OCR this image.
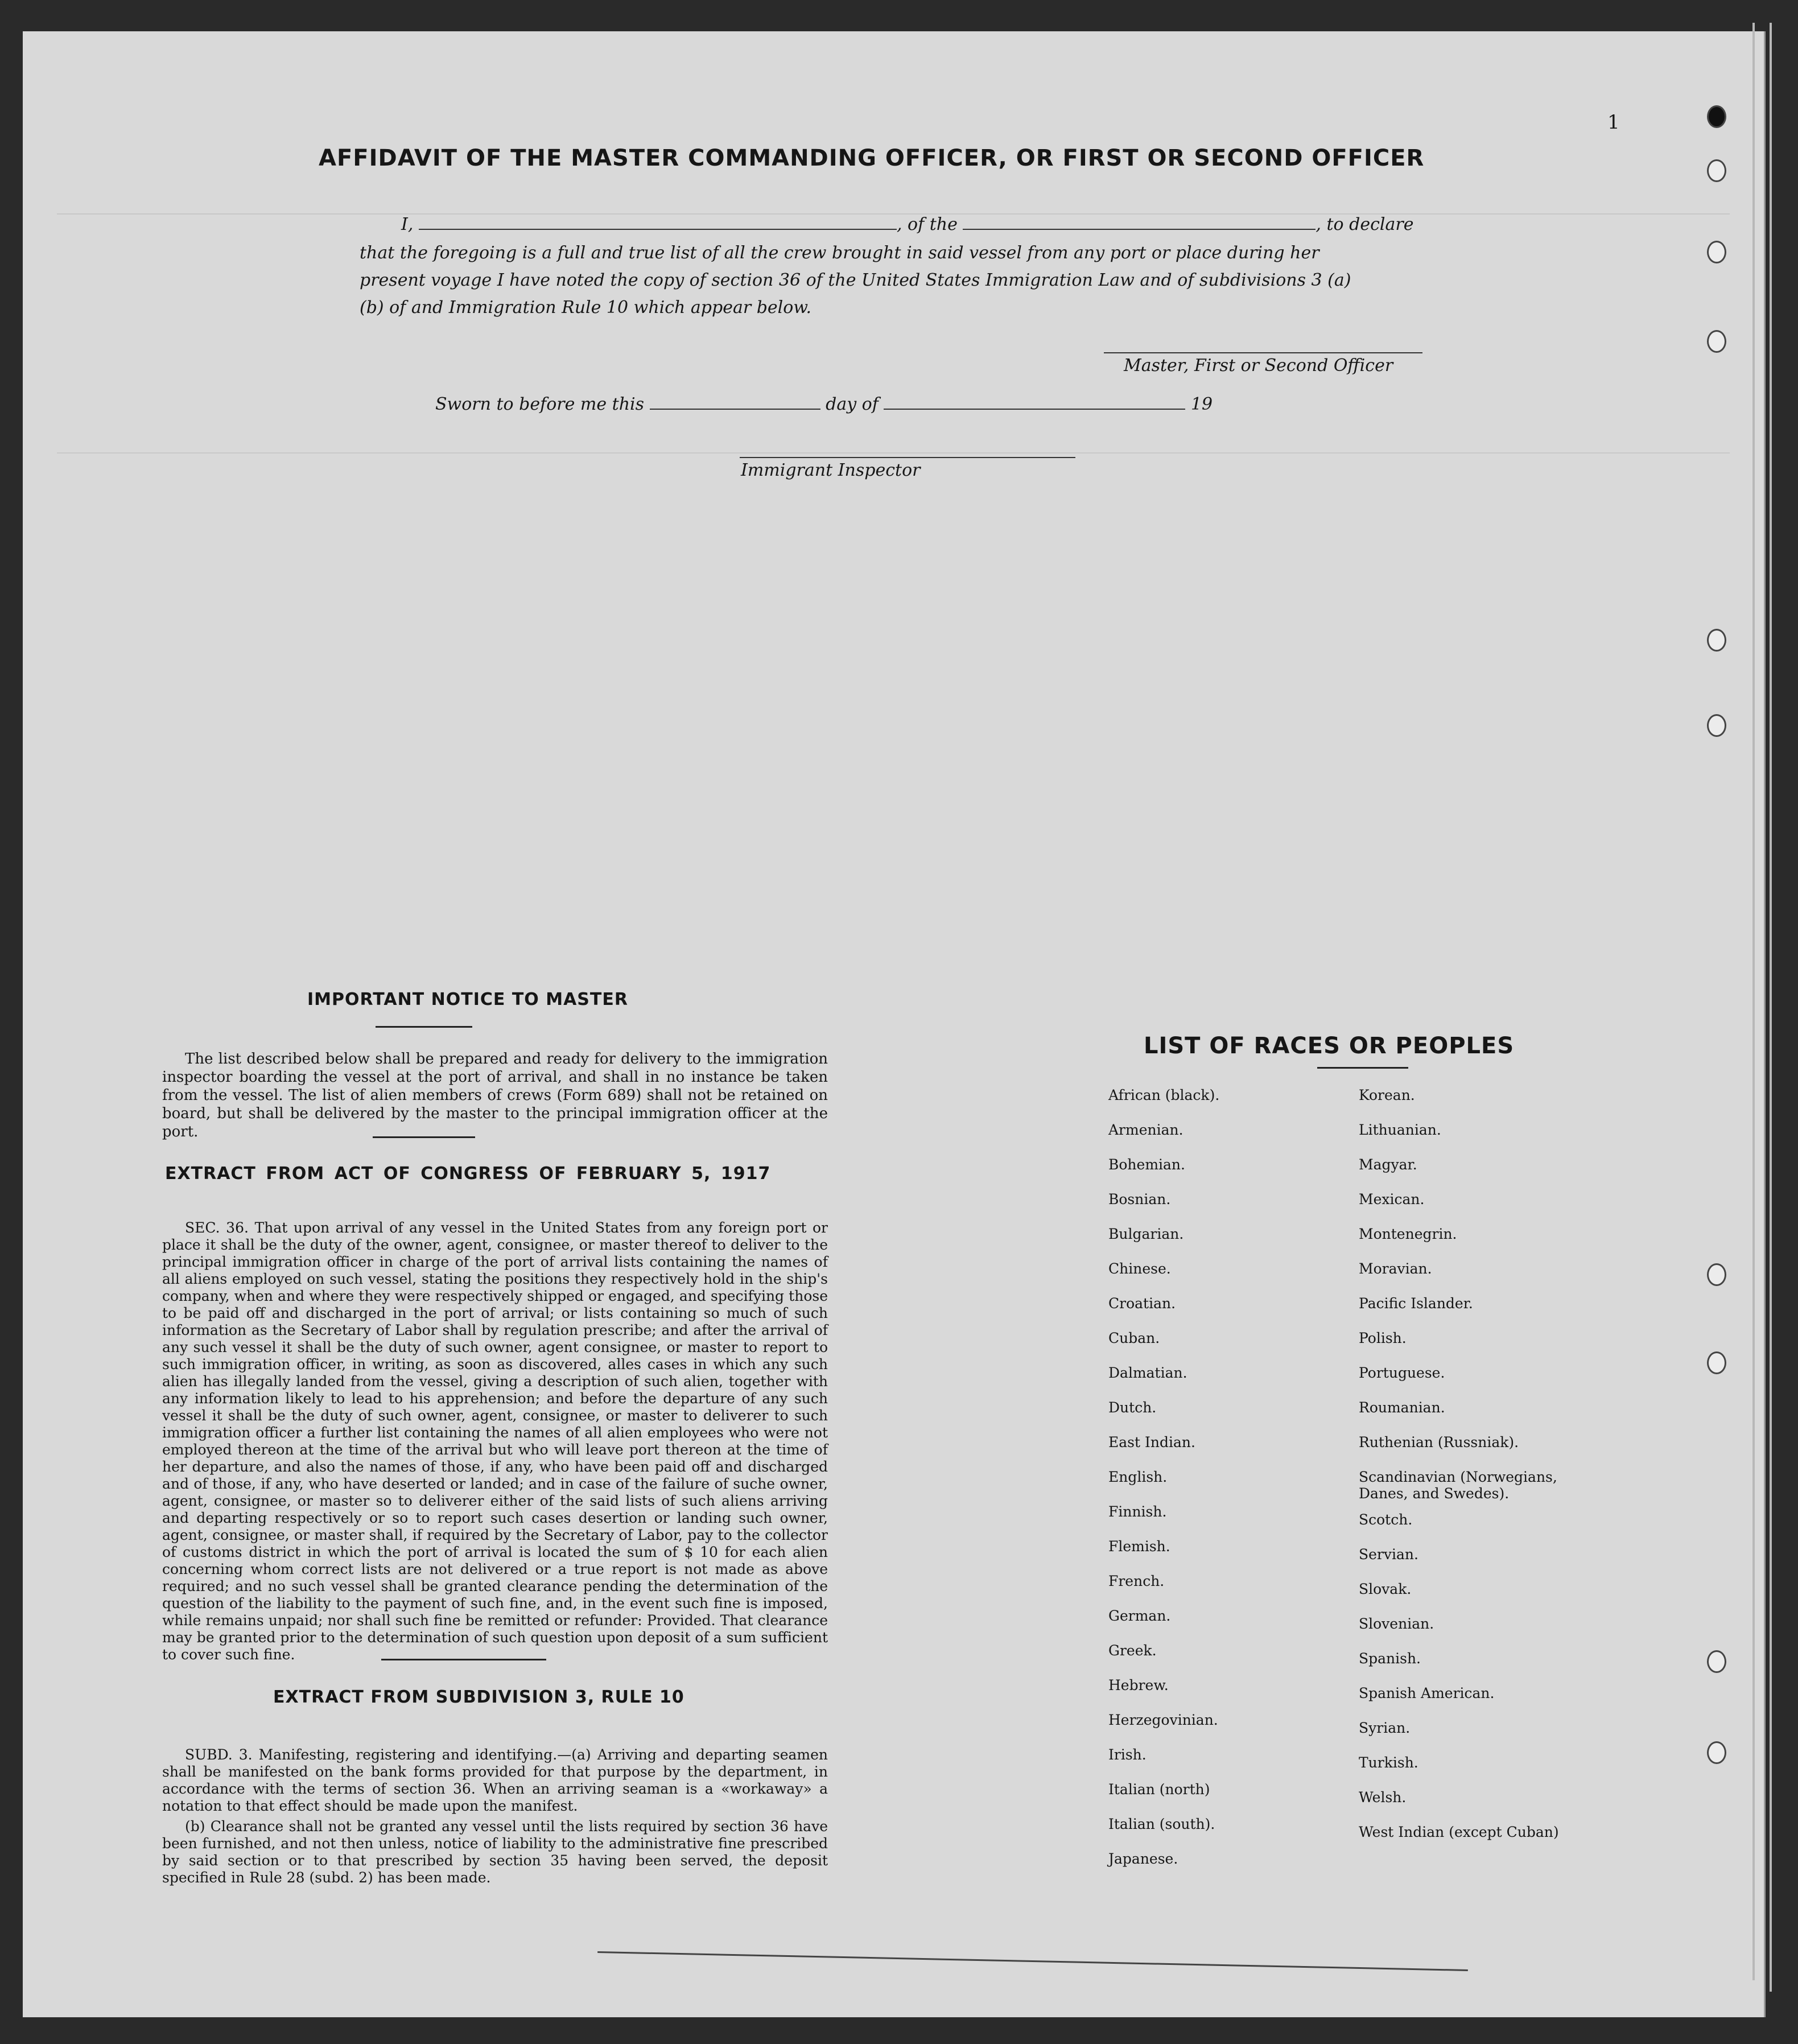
AFFIDAVIT OF THE MASTER COMMANDING OFFICER, OR FIRST OR SECOND OFFICER
I,	, of the	, to declare
that the foregoing is a full and true list of all the crew brought in said vessel from any port or place during her
present voyage I have noted the copy of section 36 of the United States Immigration Law and of subdivisions 3 (a)
(b) of and Immigration Rule 10 which appear below.
Master, First or Second Officer
Sworn to before me this	day of	19
Immigrant Inspector
IMPORTANT NOTICE TO MASTER
The list described below shall be prepared and ready for delivery to the immigration inspector boarding the vessel at the port of arrival, and shall in no instance be taken from the vessel. The list of alien members of crews (Form 689) shall not be retained on board, but shall be delivered by the master to the principal immigration officer at the port.
EXTRACT FROM ACT OF CONGRESS OF FEBRUARY 5, 1917
SEC. 36. That upon arrival of any vessel in the United States from any foreign port or place it shall be the duty of the owner, agent, consignee, or master thereof to deliver to the principal immigration officer in charge of the port of arrival lists containing the names of all aliens employed on such vessel, stating the positions they respectively hold in the ship's company, when and where they were respectively shipped or engaged, and specifying those to be paid off and discharged in the port of arrival; or lists containing so much of such information as the Secretary of Labor shall by regulation prescribe; and after the arrival of any such vessel it shall be the duty of such owner, agent consignee, or master to report to such immigration officer, in writing, as soon as discovered, alles cases in which any such alien has illegally landed from the vessel, giving a description of such alien, together with any information likely to lead to his apprehension; and before the departure of any such vessel it shall be the duty of such owner, agent, consignee, or master to deliverer to such immigration officer a further list containing the names of all alien employees who were not employed thereon at the time of the arrival but who will leave port thereon at the time of her departure, and also the names of those, if any, who have been paid off and discharged and of those, if any, who have deserted or landed; and in case of the failure of suche owner, agent, consignee, or master so to deliverer either of the said lists of such aliens arriving and departing respectively or so to report such cases desertion or landing such owner, agent, consignee, or master shall, if required by the Secretary of Labor, pay to the collector of customs district in which the port of arrival is located the sum of $ 10 for each alien concerning whom correct lists are not delivered or a true report is not made as above required; and no such vessel shall be granted clearance pending the determination of the question of the liability to the payment of such fine, and, in the event such fine is imposed, while remains unpaid; nor shall such fine be remitted or refunder: Provided. That clearance may be granted prior to the determination of such question upon deposit of a sum sufficient to cover such fine.
EXTRACT FROM SUBDIVISION 3, RULE 10
SUBD. 3. Manifesting, registering and identifying.—(a) Arriving and departing seamen shall be manifested on the bank forms provided for that purpose by the department, in accordance with the terms of section 36. When an arriving seaman is a «workaway» a notation to that effect should be made upon the manifest.
(b) Clearance shall not be granted any vessel until the lists required by section 36 have been furnished, and not then unless, notice of liability to the administrative fine prescribed by said section or to that prescribed by section 35 having been served, the deposit specified in Rule 28 (subd. 2) has been made.
LIST OF RACES OR PEOPLES
African (black).
Armenian.
Bohemian.
Bosnian.
Bulgarian.
Chinese.
Croatian.
Cuban.
Dalmatian.
Dutch.
East Indian.
English.
Finnish.
Flemish.
French.
German.
Greek.
Hebrew.
Herzegovinian.
Irish.
Italian (north)
Italian (south).
Japanese.
Korean.
Lithuanian.
Magyar.
Mexican.
Montenegrin.
Moravian.
Pacific Islander.
Polish.
Portuguese.
Roumanian.
Ruthenian (Russniak).
Scandinavian (Norwegians, Danes, and Swedes).
Scotch.
Servian.
Slovak.
Slovenian.
Spanish.
Spanish American.
Syrian.
Turkish.
Welsh.
West Indian (except Cuban)
1
